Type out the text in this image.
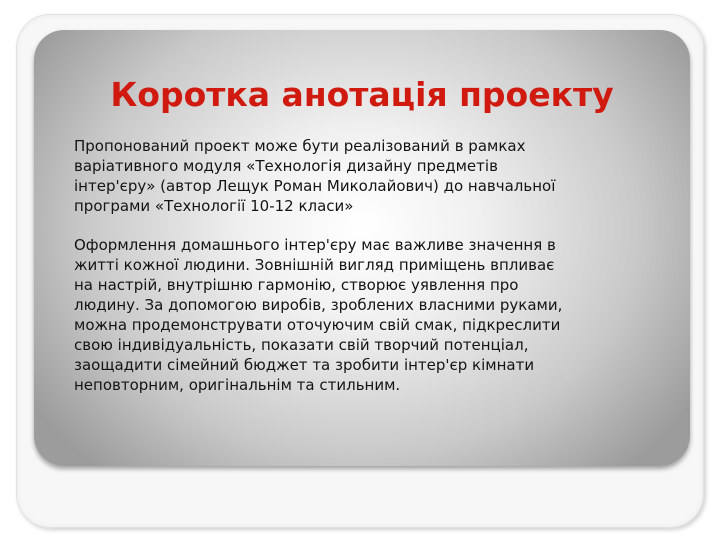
Коротка анотація проекту

Пропонований проект може бути реалізований в рамках
варіативного модуля «Технологія дизайну предметів
інтер'єру» (автор Лещук Роман Миколайович) до навчальної
програми «Технології 10-12 класи»

Оформлення домашнього інтер'єру має важливе значення в
житті кожної людини. Зовнішній вигляд приміщень впливає
на настрій, внутрішню гармонію, створює уявлення про
людину. За допомогою виробів, зроблених власними руками,
можна продемонструвати оточуючим свій смак, підкреслити
свою індивідуальність, показати свій творчий потенціал,
заощадити сімейний бюджет та зробити інтер'єр кімнати
неповторним, оригінальнім та стильним.
